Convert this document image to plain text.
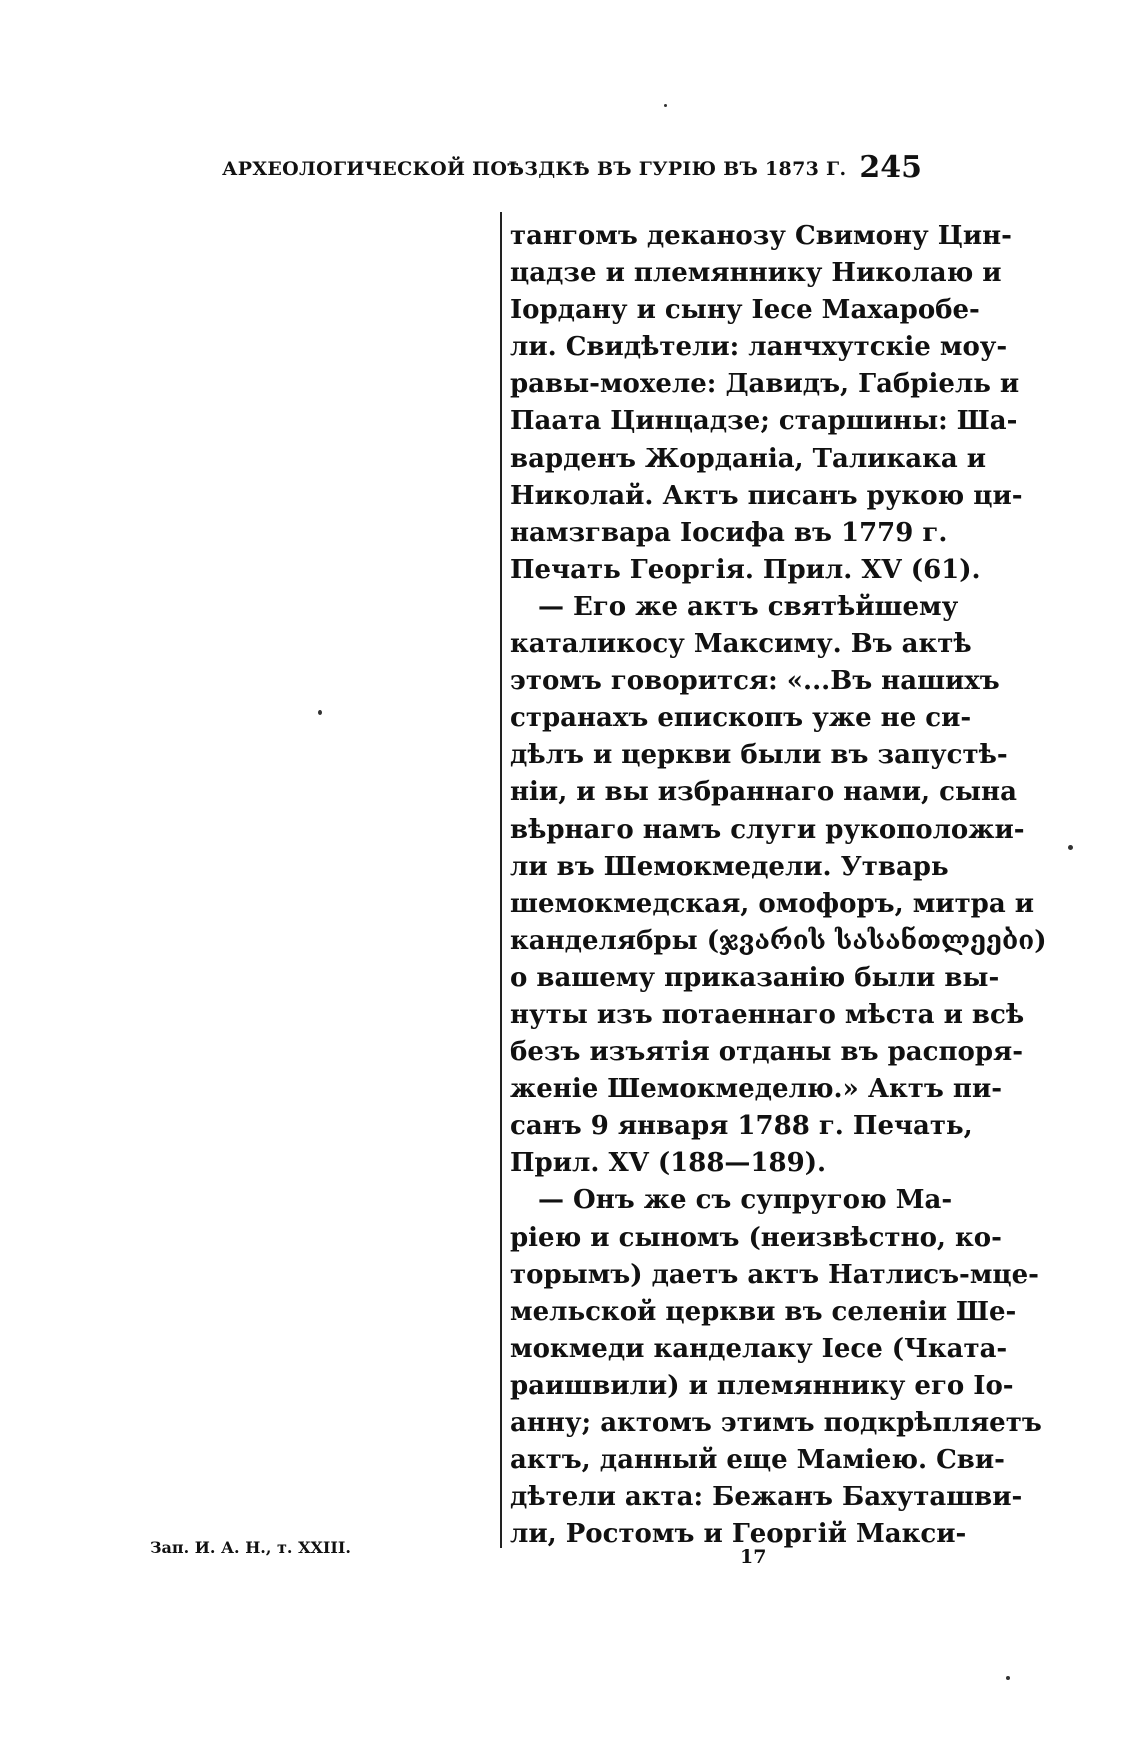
АРХЕОЛОГИЧЕСКОЙ ПОѢЗДКѢ ВЪ ГУРІЮ ВЪ 1873 Г. 245
тангомъ деканозу Свимону Цин-
цадзе и племяннику Николаю и
Іордану и сыну Іесе Махаробе-
ли. Свидѣтели: ланчхутскіе моу-
равы-мохеле: Давидъ, Габріель и
Паата Цинцадзе; старшины: Ша-
варденъ Жорданіа, Таликака и
Николай. Актъ писанъ рукою ци-
намзгвара Іосифа въ 1779 г.
Печать Георгія. Прил. XV (61).
— Его же актъ святѣйшему
каталикосу Максиму. Въ актѣ
этомъ говорится: «...Въ нашихъ
странахъ епископъ уже не си-
дѣлъ и церкви были въ запустѣ-
ніи, и вы избраннаго нами, сына
вѣрнаго намъ слуги рукоположи-
ли въ Шемокмедели. Утварь
шемокмедская, омофоръ, митра и
канделябры (ჯვარის სასანთლეები)
о вашему приказанію были вы-
нуты изъ потаеннаго мѣста и всѣ
безъ изъятія отданы въ распоря-
женіе Шемокмеделю.» Актъ пи-
санъ 9 января 1788 г. Печать,
Прил. XV (188—189).
— Онъ же съ супругою Ма-
ріею и сыномъ (неизвѣстно, ко-
торымъ) даетъ актъ Натлисъ-мце-
мельской церкви въ селеніи Ше-
мокмеди канделаку Іесе (Чката-
раишвили) и племяннику его Іо-
анну; актомъ этимъ подкрѣпляетъ
актъ, данный еще Маміею. Сви-
дѣтели акта: Бежанъ Бахуташви-
ли, Ростомъ и Георгій Макси-
Зап. И. А. Н., т. XXIII.	17
